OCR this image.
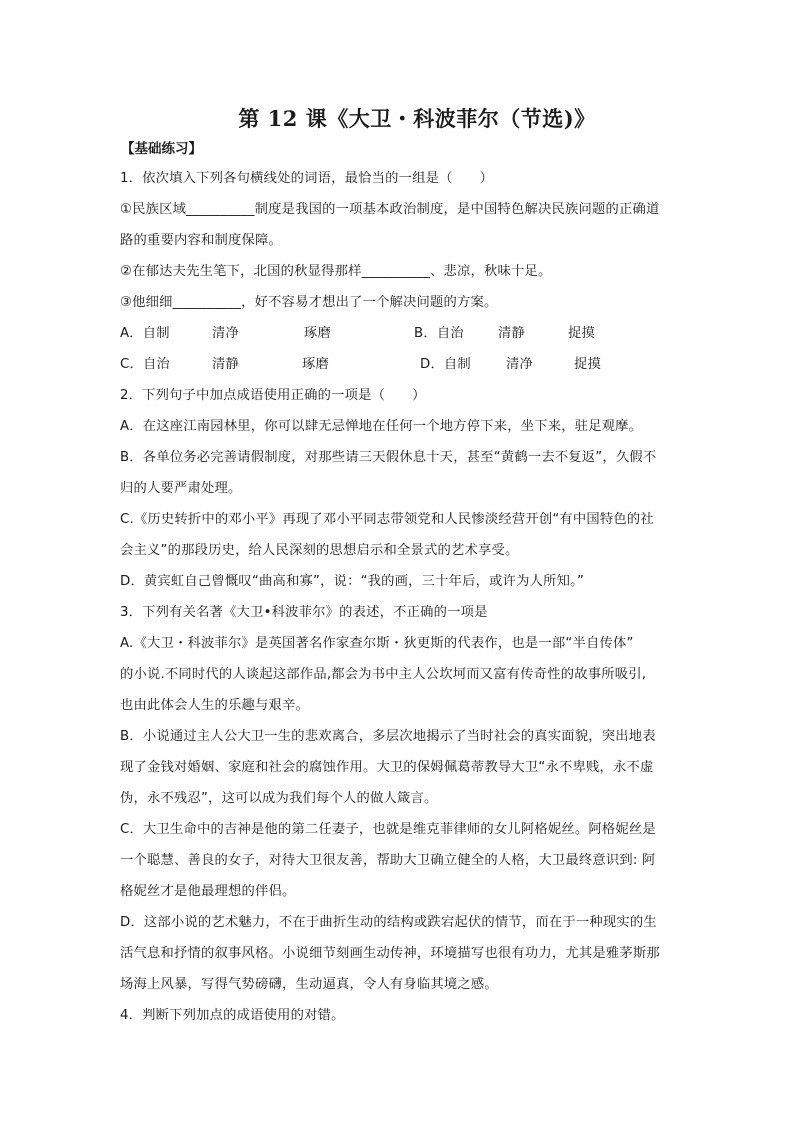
第 12 课《大卫・科波菲尔（节选)》
【基础练习】

1．依次填入下列各句横线处的词语，最恰当的一组是（　　）

①民族区域__________制度是我国的一项基本政治制度，是中国特色解决民族问题的正确道

路的重要内容和制度保障。

②在郁达夫先生笔下，北国的秋显得那样__________、悲凉，秋味十足。

③他细细__________，好不容易才想出了一个解决问题的方案。

A．自制	清净	琢磨	B．自治	清静	捉摸
C．自治	清静	琢磨	D．自制	清净	捉摸

2．下列句子中加点成语使用正确的一项是（　　）

A．在这座江南园林里，你可以肆无忌惮地在任何一个地方停下来，坐下来，驻足观摩。

B．各单位务必完善请假制度，对那些请三天假休息十天，甚至“黄鹤一去不复返”，久假不

归的人要严肃处理。

C.《历史转折中的邓小平》再现了邓小平同志带领党和人民惨淡经营开创“有中国特色的社

会主义”的那段历史，给人民深刻的思想启示和全景式的艺术享受。

D．黄宾虹自己曾慨叹“曲高和寡”，说：“我的画，三十年后，或许为人所知。”

3．下列有关名著《大卫•科波菲尔》的表述，不正确的一项是

A.《大卫・科波菲尔》是英国著名作家查尔斯・狄更斯的代表作，也是一部“半自传体”

的小说.不同时代的人谈起这部作品,都会为书中主人公坎坷而又富有传奇性的故事所吸引,

也由此体会人生的乐趣与艰辛。

B．小说通过主人公大卫一生的悲欢离合，多层次地揭示了当时社会的真实面貌，突出地表

现了金钱对婚姻、家庭和社会的腐蚀作用。大卫的保姆佩葛蒂教导大卫“永不卑贱，永不虚

伪，永不残忍”，这可以成为我们每个人的做人箴言。

C．大卫生命中的吉神是他的第二任妻子，也就是维克菲律师的女儿阿格妮丝。阿格妮丝是

一个聪慧、善良的女子，对待大卫很友善，帮助大卫确立健全的人格，大卫最终意识到: 阿

格妮丝才是他最理想的伴侣。

D．这部小说的艺术魅力，不在于曲折生动的结构或跌宕起伏的情节，而在于一种现实的生

活气息和抒情的叙事风格。小说细节刻画生动传神，环境描写也很有功力，尤其是雅茅斯那

场海上风暴，写得气势磅礴，生动逼真，令人有身临其境之感。

4．判断下列加点的成语使用的对错。
